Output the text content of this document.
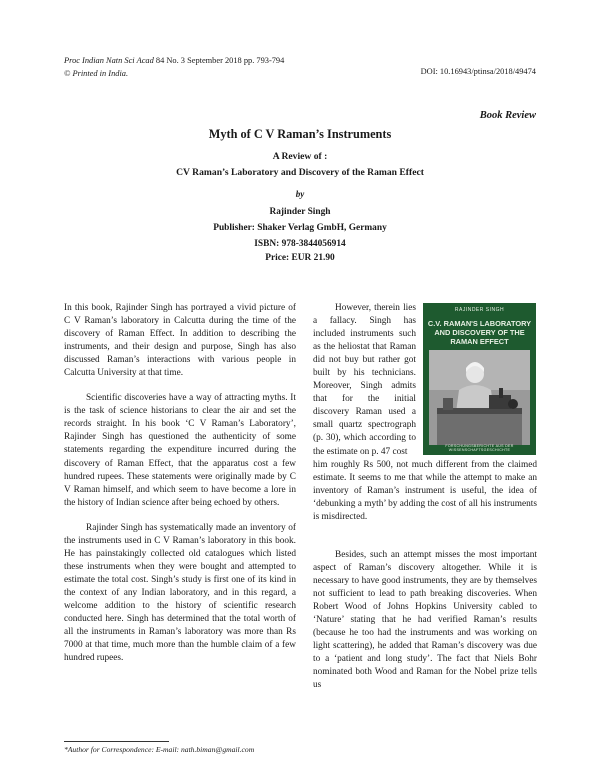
Proc Indian Natn Sci Acad 84 No. 3 September 2018 pp. 793-794
© Printed in India.	DOI: 10.16943/ptinsa/2018/49474
Book Review
Myth of C V Raman’s Instruments
A Review of :
CV Raman’s Laboratory and Discovery of the Raman Effect
by
Rajinder Singh
Publisher: Shaker Verlag GmbH, Germany
ISBN: 978-3844056914
Price: EUR 21.90

In this book, Rajinder Singh has portrayed a vivid picture of C V Raman’s laboratory in Calcutta during the time of the discovery of Raman Effect. In addition to describing the instruments, and their design and purpose, Singh has also discussed Raman’s interactions with various people in Calcutta University at that time.

Scientific discoveries have a way of attracting myths. It is the task of science historians to clear the air and set the records straight. In his book ‘C V Raman’s Laboratory’, Rajinder Singh has questioned the authenticity of some statements regarding the expenditure incurred during the discovery of Raman Effect, that the apparatus cost a few hundred rupees. These statements were originally made by C V Raman himself, and which seem to have become a lore in the history of Indian science after being echoed by others.

Rajinder Singh has systematically made an inventory of the instruments used in C V Raman’s laboratory in this book. He has painstakingly collected old catalogues which listed these instruments when they were bought and attempted to estimate the total cost. Singh’s study is first one of its kind in the context of any Indian laboratory, and in this regard, a welcome addition to the history of scientific research conducted here. Singh has determined that the total worth of all the instruments in Raman’s laboratory was more than Rs 7000 at that time, much more than the humble claim of a few hundred rupees.

However, therein lies a fallacy. Singh has included instruments such as the heliostat that Raman did not buy but rather got built by his technicians. Moreover, Singh admits that for the initial discovery Raman used a small quartz spectrograph (p. 30), which according to the estimate on p. 47 cost

RAJINDER SINGH
C.V. RAMAN'S LABORATORY
AND DISCOVERY OF THE
RAMAN EFFECT
FORSCHUNGSBERICHTE AUS DER WISSENSCHAFTSGESCHICHTE

him roughly Rs 500, not much different from the claimed estimate. It seems to me that while the attempt to make an inventory of Raman’s instrument is useful, the idea of ‘debunking a myth’ by adding the cost of all his instruments is misdirected.

Besides, such an attempt misses the most important aspect of Raman’s discovery altogether. While it is necessary to have good instruments, they are by themselves not sufficient to lead to path breaking discoveries. When Robert Wood of Johns Hopkins University cabled to ‘Nature’ stating that he had verified Raman’s results (because he too had the instruments and was working on light scattering), he added that Raman’s discovery was due to a ‘patient and long study’. The fact that Niels Bohr nominated both Wood and Raman for the Nobel prize tells us

*Author for Correspondence: E-mail: nath.biman@gmail.com
